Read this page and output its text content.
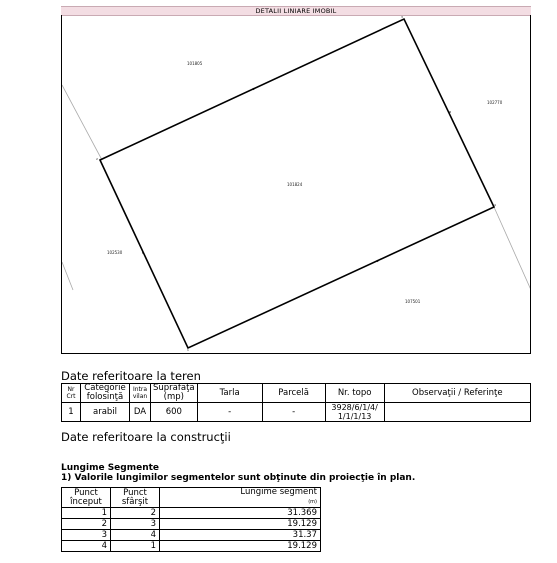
DETALII LINIARE IMOBIL
101805
102770
101824
102530
107501
1
2
3
4
Date referitoare la teren
Nr Crt	Categorie folosinţă	Intra vilan	Suprafaţa (mp)	Tarla	Parcelă	Nr. topo	Observaţii / Referinţe
1	arabil	DA	600	-	-	3928/6/1/4/1/1/1/13	
Date referitoare la construcţii
Lungime Segmente
1) Valorile lungimilor segmentelor sunt obţinute din proiecţie în plan.
Punct început	Punct sfârşit	Lungime segment
(m)
1	2	31.369
2	3	19.129
3	4	31.37
4	1	19.129
